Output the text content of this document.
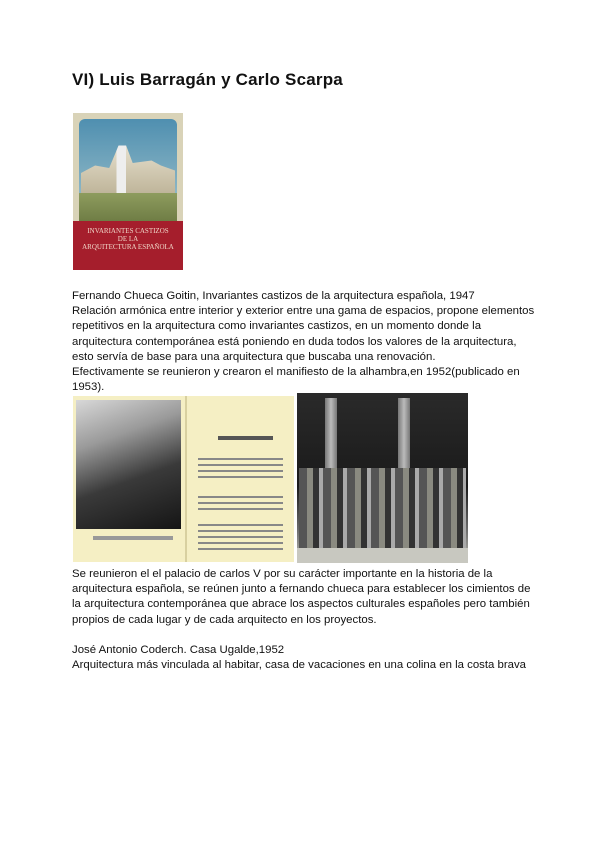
VI) Luis Barragán y Carlo Scarpa
INVARIANTES CASTIZOS
DE LA
ARQUITECTURA ESPAÑOLA
Fernando Chueca Goitin, Invariantes castizos de la arquitectura española, 1947
Relación armónica entre interior y exterior entre una gama de espacios, propone elementos
repetitivos en la arquitectura como invariantes castizos, en un momento donde la
arquitectura contemporánea está poniendo en duda todos los valores de la arquitectura,
esto servía de base para una arquitectura que buscaba una renovación.
Efectivamente se reunieron y crearon el manifiesto de la alhambra,en 1952(publicado en
1953).
Se reunieron el el palacio de carlos V por su carácter importante en la historia de la
arquitectura española, se reúnen junto a fernando chueca para establecer los cimientos de
la arquitectura contemporánea que abrace los aspectos culturales españoles pero también
propios de cada lugar y de cada arquitecto en los proyectos.
José Antonio Coderch. Casa Ugalde,1952
Arquitectura más vinculada al habitar, casa de vacaciones en una colina en la costa brava
